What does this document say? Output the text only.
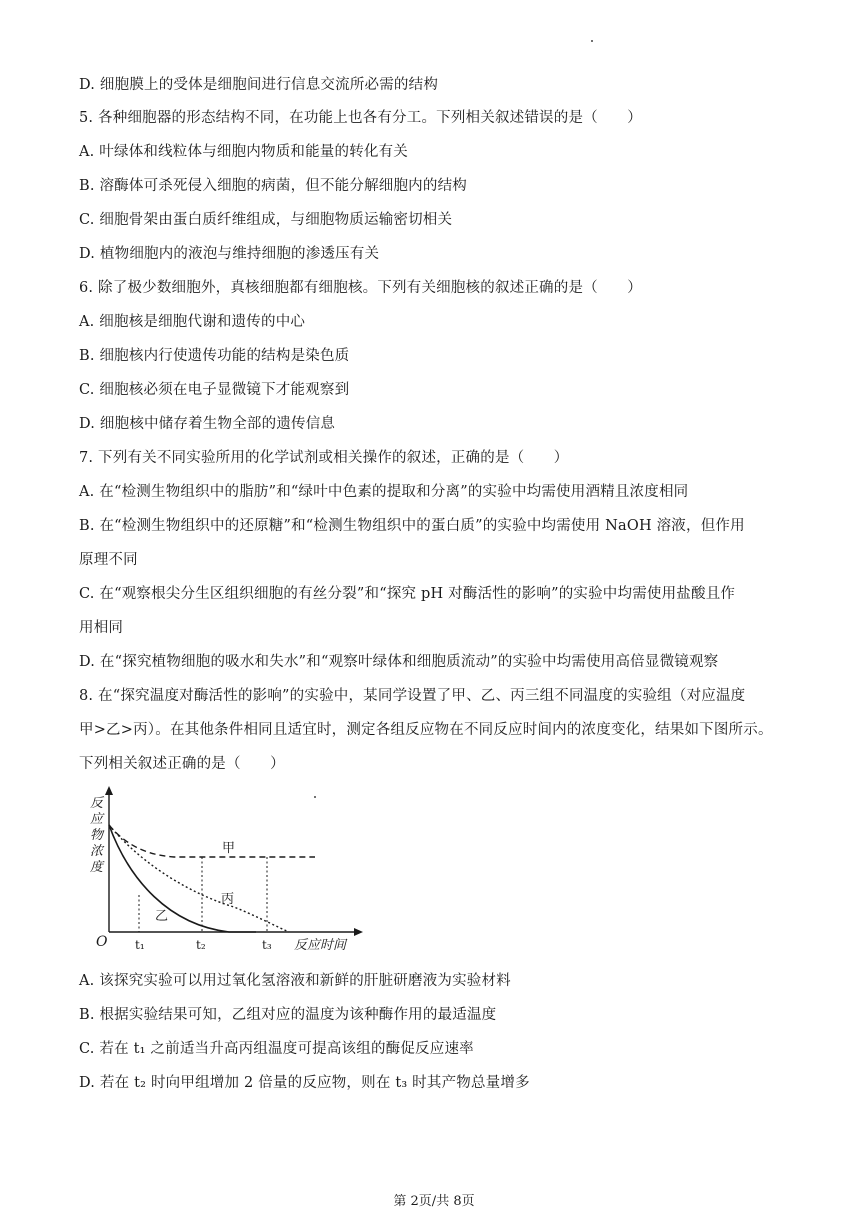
D. 细胞膜上的受体是细胞间进行信息交流所必需的结构
5. 各种细胞器的形态结构不同，在功能上也各有分工。下列相关叙述错误的是（　　）
A. 叶绿体和线粒体与细胞内物质和能量的转化有关
B. 溶酶体可杀死侵入细胞的病菌，但不能分解细胞内的结构
C. 细胞骨架由蛋白质纤维组成，与细胞物质运输密切相关
D. 植物细胞内的液泡与维持细胞的渗透压有关
6. 除了极少数细胞外，真核细胞都有细胞核。下列有关细胞核的叙述正确的是（　　）
A. 细胞核是细胞代谢和遗传的中心
B. 细胞核内行使遗传功能的结构是染色质
C. 细胞核必须在电子显微镜下才能观察到
D. 细胞核中储存着生物全部的遗传信息
7. 下列有关不同实验所用的化学试剂或相关操作的叙述，正确的是（　　）
A. 在“检测生物组织中的脂肪”和“绿叶中色素的提取和分离”的实验中均需使用酒精且浓度相同
B. 在“检测生物组织中的还原糖”和“检测生物组织中的蛋白质”的实验中均需使用 NaOH 溶液，但作用
原理不同
C. 在“观察根尖分生区组织细胞的有丝分裂”和“探究 pH 对酶活性的影响”的实验中均需使用盐酸且作
用相同
D. 在“探究植物细胞的吸水和失水”和“观察叶绿体和细胞质流动”的实验中均需使用高倍显微镜观察
8. 在“探究温度对酶活性的影响”的实验中，某同学设置了甲、乙、丙三组不同温度的实验组（对应温度
甲>乙>丙）。在其他条件相同且适宜时，测定各组反应物在不同反应时间内的浓度变化，结果如下图所示。
下列相关叙述正确的是（　　）
A. 该探究实验可以用过氧化氢溶液和新鲜的肝脏研磨液为实验材料
B. 根据实验结果可知，乙组对应的温度为该种酶作用的最适温度
C. 若在 t₁ 之前适当升高丙组温度可提高该组的酶促反应速率
D. 若在 t₂ 时向甲组增加 2 倍量的反应物，则在 t₃ 时其产物总量增多
反 应 物 浓 度
甲
丙
乙
O t₁	t₂	t₃ 反应时间
第 2页/共 8页
